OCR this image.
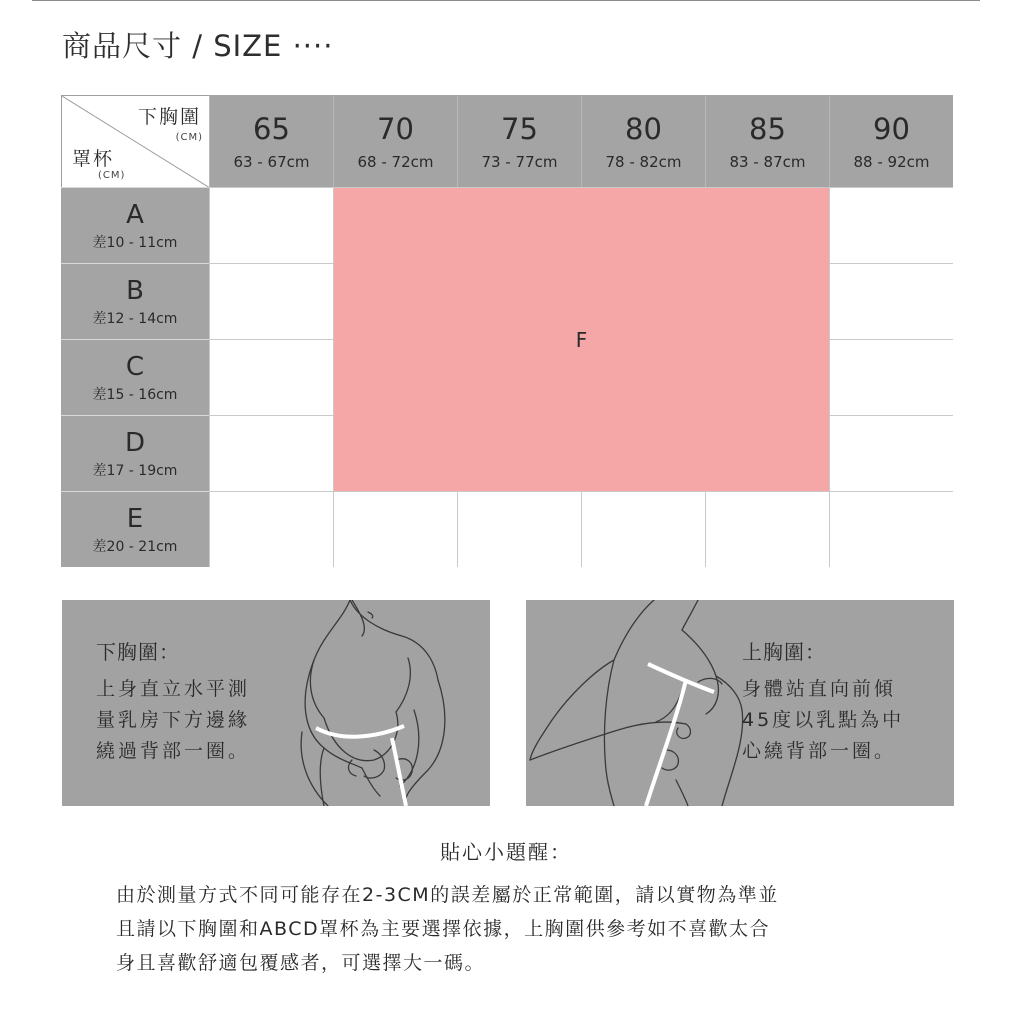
商品尺寸 / SIZE ····
下胸圍
(CM)
罩杯
(CM)
65
63 - 67cm
70
68 - 72cm
75
73 - 77cm
80
78 - 82cm
85
83 - 87cm
90
88 - 92cm
A
差10 - 11cm
B
差12 - 14cm
C
差15 - 16cm
D
差17 - 19cm
E
差20 - 21cm
F
下胸圍：
上身直立水平測
量乳房下方邊緣
繞過背部一圈。
上胸圍：
身體站直向前傾
45度以乳點為中
心繞背部一圈。
貼心小題醒：
由於測量方式不同可能存在2-3CM的誤差屬於正常範圍，請以實物為準並
且請以下胸圍和ABCD罩杯為主要選擇依據，上胸圍供參考如不喜歡太合
身且喜歡舒適包覆感者，可選擇大一碼。
